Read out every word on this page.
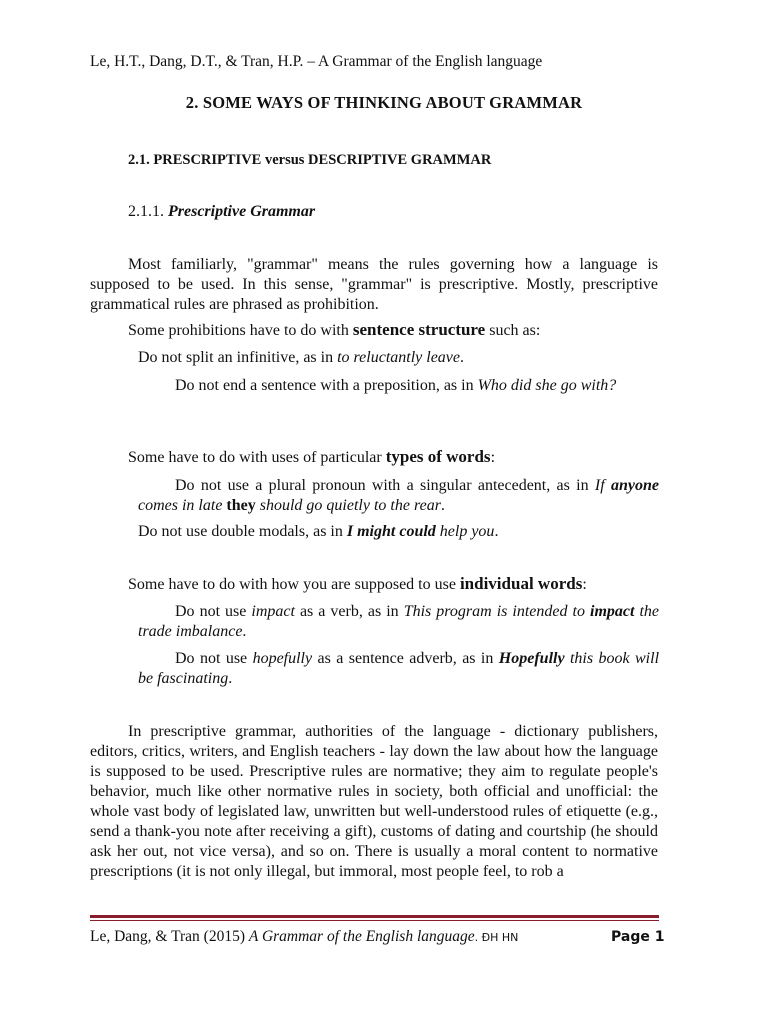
Le, H.T., Dang, D.T., & Tran, H.P. – A Grammar of the English language
2. SOME WAYS OF THINKING ABOUT GRAMMAR
2.1. PRESCRIPTIVE versus DESCRIPTIVE GRAMMAR
2.1.1. Prescriptive Grammar

Most familiarly, "grammar" means the rules governing how a language is supposed to be used. In this sense, "grammar" is prescriptive. Mostly, prescriptive grammatical rules are phrased as prohibition.

Some prohibitions have to do with sentence structure such as:
Do not split an infinitive, as in to reluctantly leave.
Do not end a sentence with a preposition, as in Who did she go with?
Some have to do with uses of particular types of words:
Do not use a plural pronoun with a singular antecedent, as in If anyone comes in late they should go quietly to the rear.
Do not use double modals, as in I might could help you.
Some have to do with how you are supposed to use individual words:
Do not use impact as a verb, as in This program is intended to impact the trade imbalance.
Do not use hopefully as a sentence adverb, as in Hopefully this book will be fascinating.

In prescriptive grammar, authorities of the language - dictionary publishers, editors, critics, writers, and English teachers - lay down the law about how the language is supposed to be used. Prescriptive rules are normative; they aim to regulate people's behavior, much like other normative rules in society, both official and unofficial: the whole vast body of legislated law, unwritten but well-understood rules of etiquette (e.g., send a thank-you note after receiving a gift), customs of dating and courtship (he should ask her out, not vice versa), and so on. There is usually a moral content to normative prescriptions (it is not only illegal, but immoral, most people feel, to rob a

Le, Dang, & Tran (2015) A Grammar of the English language. ĐH HN	Page 1
